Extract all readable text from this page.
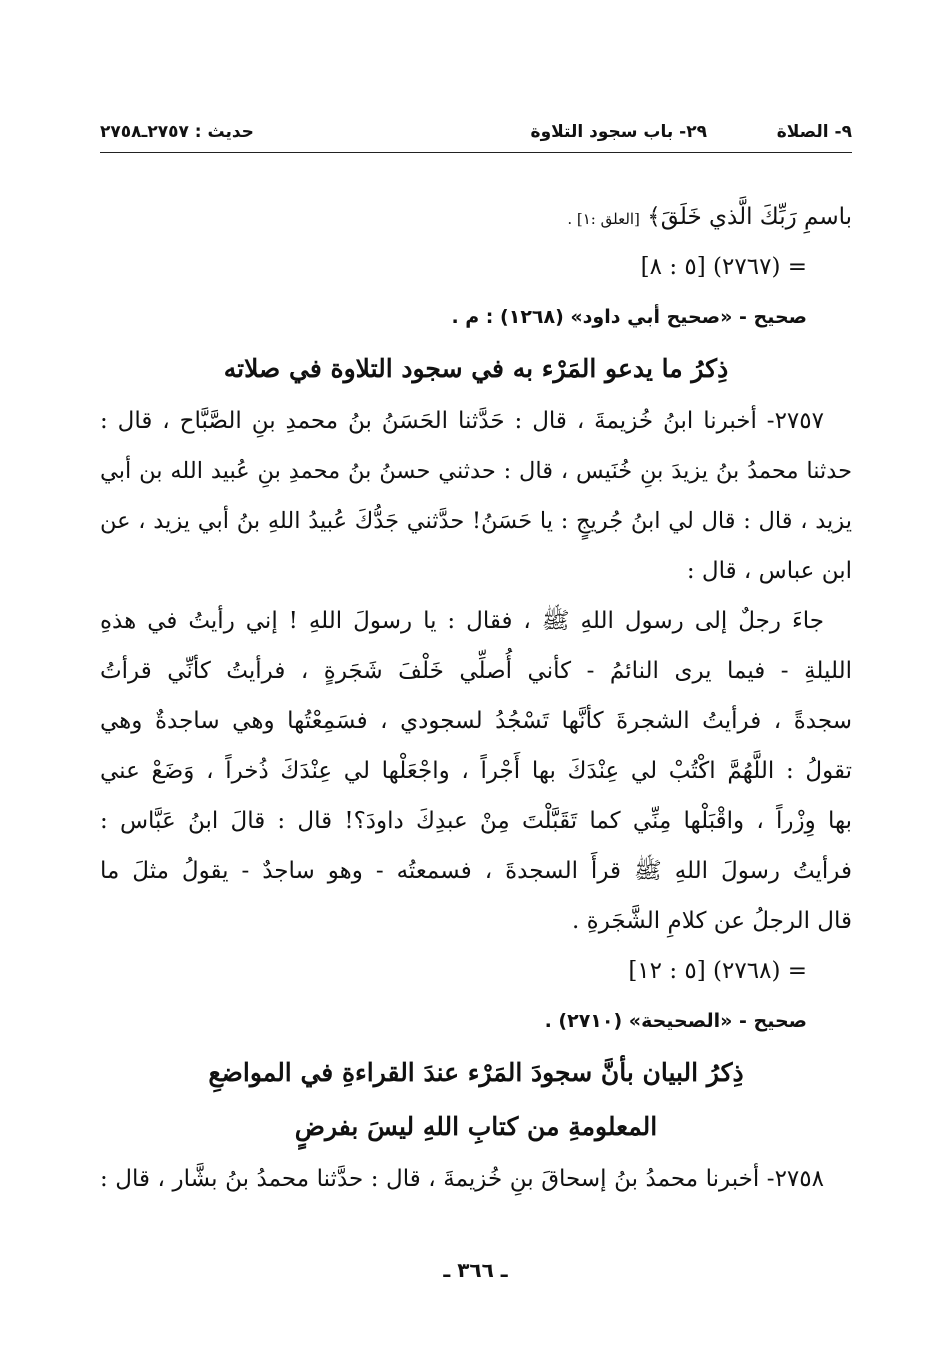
٩- الصلاة
٢٩- باب سجود التلاوة
حديث : ٢٧٥٧ـ٢٧٥٨
باسمِ رَبِّكَ الَّذي خَلَقَ﴾ [العلق :١] .
= (٢٧٦٧) [٥ : ٨]
صحيح - «صحيح أبي داود» (١٢٦٨) : م .
ذِكرُ ما يدعو المَرْء به في سجود التلاوة في صلاته
٢٧٥٧- أخبرنا ابنُ خُزيمةَ ، قال : حَدَّثنا الحَسَنُ بنُ محمدِ بنِ الصَّبَّاح ، قال :
حدثنا محمدُ بنُ يزيدَ بنِ خُنَيس ، قال : حدثني حسنُ بنُ محمدِ بنِ عُبيد الله بن أبي
يزيد ، قال : قال لي ابنُ جُريجٍ : يا حَسَنُ! حدَّثني جَدُّكَ عُبيدُ اللهِ بنُ أبي يزيد ، عن
ابن عباس ، قال :
جاءَ رجلٌ إلى رسول اللهِ ﷺ ، فقال : يا رسولَ اللهِ ! إني رأيتُ في هذهِ
الليلةِ - فيما يرى النائمُ - كأني أُصلِّي خَلْفَ شَجَرةٍ ، فرأيتُ كأنِّي قرأتُ
سجدةً ، فرأيتُ الشجرةَ كأنَّها تَسْجُدُ لسجودي ، فسَمِعْتُها وهي ساجدةٌ وهي
تقولُ : اللَّهُمَّ اكْتُبْ لي عِنْدَكَ بها أَجْراً ، واجْعَلْها لي عِنْدَكَ ذُخراً ، وَضَعْ عني
بها وِزْراً ، واقْبَلْها مِنِّي كما تَقَبَّلْتَ مِنْ عبدِكَ داودَ؟! قال : قالَ ابنُ عَبَّاس :
فرأيتُ رسولَ اللهِ ﷺ قرأَ السجدةَ ، فسمعتُه - وهو ساجدٌ - يقولُ مثلَ ما
قال الرجلُ عن كلامِ الشَّجَرةِ .
= (٢٧٦٨) [٥ : ١٢]
صحيح - «الصحيحة» (٢٧١٠) .
ذِكرُ البيان بأنَّ سجودَ المَرْء عندَ القراءةِ في المواضعِ
المعلومةِ من كتابِ اللهِ ليسَ بفرضٍ
٢٧٥٨- أخبرنا محمدُ بنُ إسحاقَ بنِ خُزيمةَ ، قال : حدَّثنا محمدُ بنُ بشَّار ، قال :
ـ ٣٦٦ ـ
